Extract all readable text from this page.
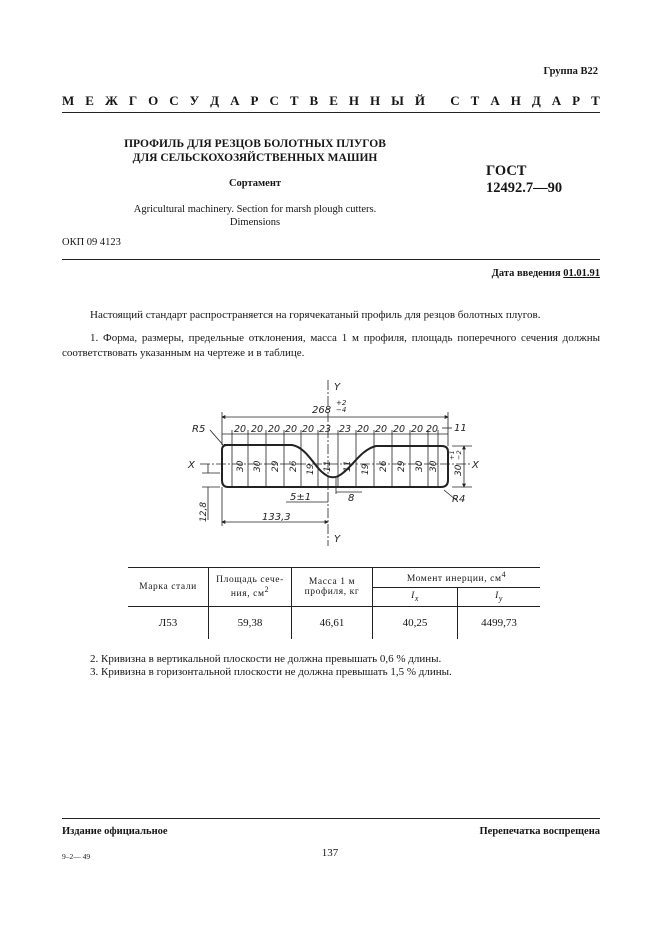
Группа В22
М Е Ж Г О С У Д А Р С Т В Е Н Н Ы Й
С Т А Н Д А Р Т
ПРОФИЛЬ ДЛЯ РЕЗЦОВ БОЛОТНЫХ ПЛУГОВ
ДЛЯ СЕЛЬСКОХОЗЯЙСТВЕННЫХ МАШИН
Сортамент
ГОСТ
12492.7—90
Agricultural machinery. Section for marsh plough cutters.
Dimensions
ОКП 09 4123
Дата введения 01.01.91
Настоящий стандарт распространяется на горячекатаный профиль для резцов болотных плугов.
1. Форма, размеры, предельные отклонения, масса 1 м профиля, площадь поперечного сечения должны соответствовать указанным на чертеже и в таблице.
Y
Y
X	X
268
+2
−4
R5
R4
11
20 20 20 20 20 23 23 20 20 20 20 20
30 30 29 26 19 11 11 19 26 29 30 30 30
+1 −2
12,8
5±1	8
133,3
Марка стали	Площадь сече-ния, $см^2$	Масса 1 м профиля, кг	Момент инерции, $см^4$
			$I_x$	$I_y$
Л53	59,38	46,61	40,25	4499,73
2. Кривизна в вертикальной плоскости не должна превышать 0,6 % длины.
3. Кривизна в горизонтальной плоскости не должна превышать 1,5 % длины.
Издание официальное	Перепечатка воспрещена
9–2— 49	137
